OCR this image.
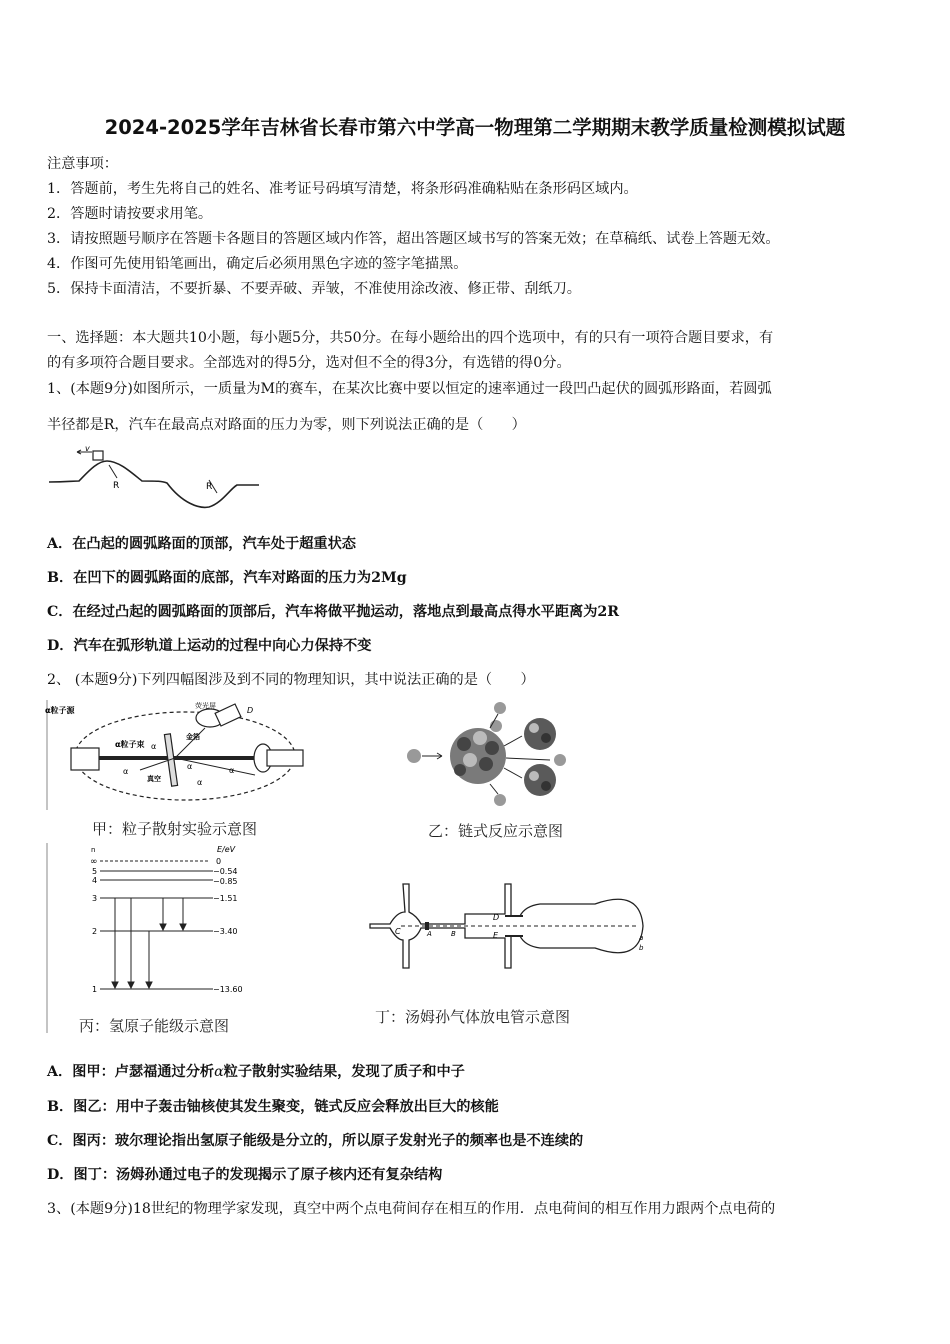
2024-2025学年吉林省长春市第六中学高一物理第二学期期末教学质量检测模拟试题
注意事项：
1．答题前，考生先将自己的姓名、准考证号码填写清楚，将条形码准确粘贴在条形码区域内。
2．答题时请按要求用笔。
3．请按照题号顺序在答题卡各题目的答题区域内作答，超出答题区域书写的答案无效；在草稿纸、试卷上答题无效。
4．作图可先使用铅笔画出，确定后必须用黑色字迹的签字笔描黑。
5．保持卡面清洁，不要折暴、不要弄破、弄皱，不准使用涂改液、修正带、刮纸刀。
一、选择题：本大题共10小题，每小题5分，共50分。在每小题给出的四个选项中，有的只有一项符合题目要求，有
的有多项符合题目要求。全部选对的得5分，选对但不全的得3分，有选错的得0分。
1、(本题9分)如图所示，一质量为M的赛车，在某次比赛中要以恒定的速率通过一段凹凸起伏的圆弧形路面，若圆弧
半径都是R，汽车在最高点对路面的压力为零，则下列说法正确的是（　　）
v
R	R
A．在凸起的圆弧路面的顶部，汽车处于超重状态
B．在凹下的圆弧路面的底部，汽车对路面的压力为2Mg
C．在经过凸起的圆弧路面的顶部后，汽车将做平抛运动，落地点到最高点得水平距离为2R
D．汽车在弧形轨道上运动的过程中向心力保持不变
2、 (本题9分)下列四幅图涉及到不同的物理知识，其中说法正确的是（　　）
α粒子源
α粒子束
荧光屏
金箔
真空
α
α
α
α
α
D
甲：粒子散射实验示意图	乙：链式反应示意图
n	E/eV
∞
5
4
3
2
1
0
−0.54
−0.85
−1.51
−3.40
−13.60
丙：氢原子能级示意图
C	A	B
D
E	a
b
丁：汤姆孙气体放电管示意图
A．图甲：卢瑟福通过分析α粒子散射实验结果，发现了质子和中子
B．图乙：用中子轰击铀核使其发生聚变，链式反应会释放出巨大的核能
C．图丙：玻尔理论指出氢原子能级是分立的，所以原子发射光子的频率也是不连续的
D．图丁：汤姆孙通过电子的发现揭示了原子核内还有复杂结构
3、(本题9分)18世纪的物理学家发现，真空中两个点电荷间存在相互的作用．点电荷间的相互作用力跟两个点电荷的
